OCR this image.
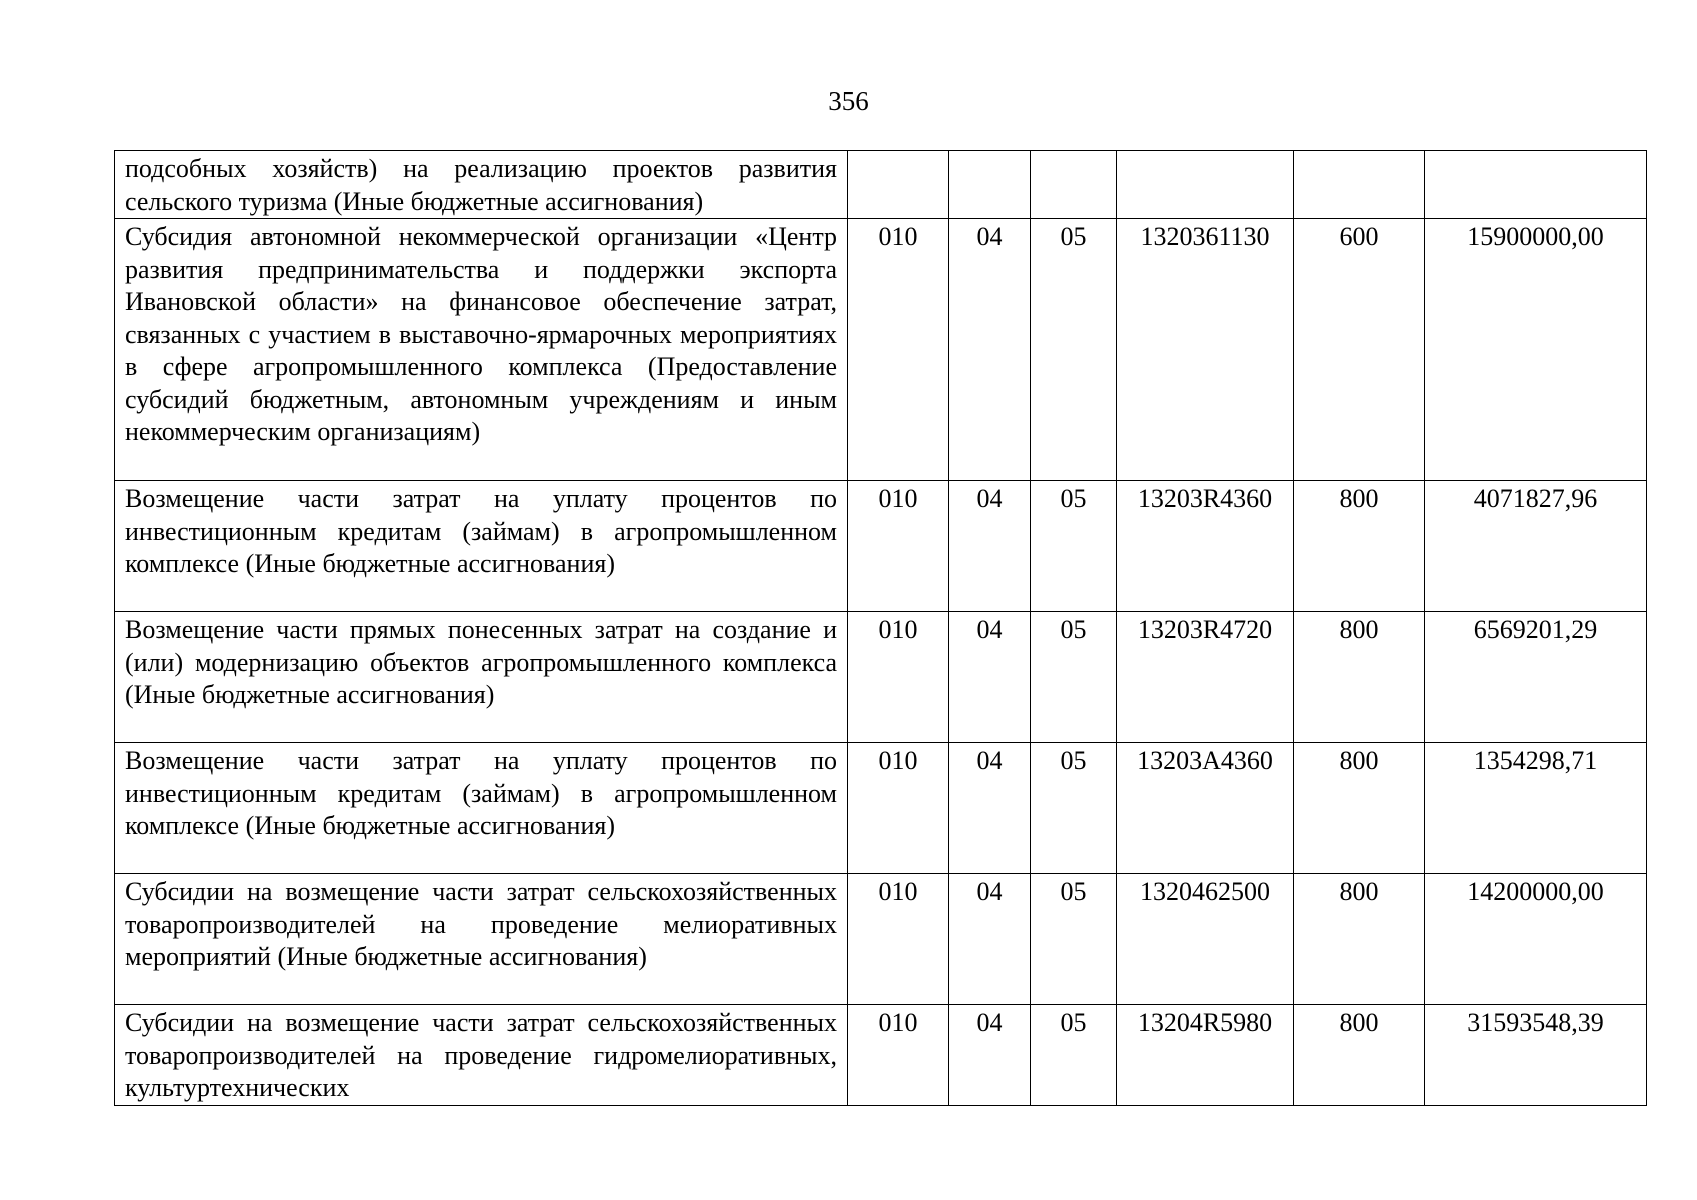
356
подсобных хозяйств) на реализацию проектов развития сельского туризма (Иные бюджетные ассигнования)						
Субсидия автономной некоммерческой организации «Центр развития предпринимательства и поддержки экспорта Ивановской области» на финансовое обеспечение затрат, связанных с участием в выставочно-ярмарочных мероприятиях в сфере агропромышленного комплекса (Предоставление субсидий бюджетным, автономным учреждениям и иным некоммерческим организациям)	010	04	05	1320361130	600	15900000,00
Возмещение части затрат на уплату процентов по инвестиционным кредитам (займам) в агропромышленном комплексе (Иные бюджетные ассигнования)	010	04	05	13203R4360	800	4071827,96
Возмещение части прямых понесенных затрат на создание и (или) модернизацию объектов агропромышленного комплекса (Иные бюджетные ассигнования)	010	04	05	13203R4720	800	6569201,29
Возмещение части затрат на уплату процентов по инвестиционным кредитам (займам) в агропромышленном комплексе (Иные бюджетные ассигнования)	010	04	05	13203A4360	800	1354298,71
Субсидии на возмещение части затрат сельскохозяйственных товаропроизводителей на проведение мелиоративных мероприятий (Иные бюджетные ассигнования)	010	04	05	1320462500	800	14200000,00
Субсидии на возмещение части затрат сельскохозяйственных товаропроизводителей на проведение гидромелиоративных, культуртехнических	010	04	05	13204R5980	800	31593548,39
